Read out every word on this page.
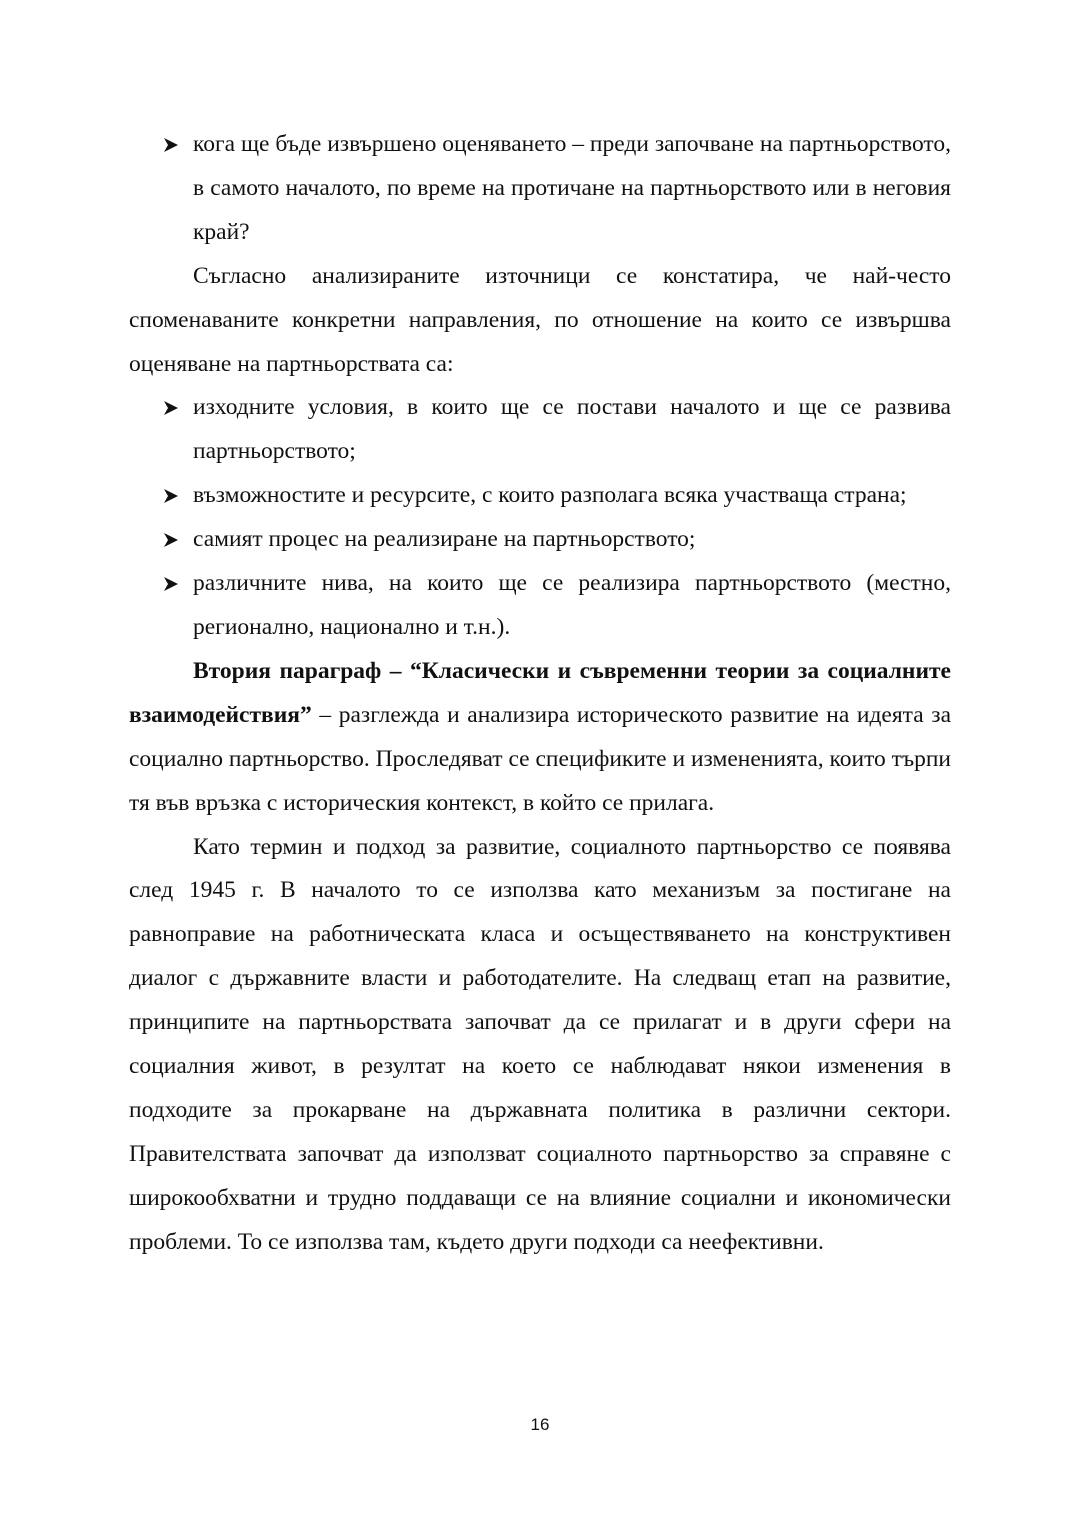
кога ще бъде извършено оценяването – преди започване на партньорството, в самото началото, по време на протичане на партньорството или в неговия край?

Съгласно анализираните източници се констатира, че най-често споменаваните конкретни направления, по отношение на които се извършва оценяване на партньорствата са:

изходните условия, в които ще се постави началото и ще се развива партньорството;
възможностите и ресурсите, с които разполага всяка участваща страна;
самият процес на реализиране на партньорството;
различните нива, на които ще се реализира партньорството (местно, регионално, национално и т.н.).

Втория параграф – “Класически и съвременни теории за социалните взаимодействия” – разглежда и анализира историческото развитие на идеята за социално партньорство. Проследяват се спецификите и измененията, които търпи тя във връзка с историческия контекст, в който се прилага.

Като термин и подход за развитие, социалното партньорство се появява след 1945 г. В началото то се използва като механизъм за постигане на равноправие на работническата класа и осъществяването на конструктивен диалог с държавните власти и работодателите. На следващ етап на развитие, принципите на партньорствата започват да се прилагат и в други сфери на социалния живот, в резултат на което се наблюдават някои изменения в подходите за прокарване на държавната политика в различни сектори. Правителствата започват да използват социалното партньорство за справяне с широкообхватни и трудно поддаващи се на влияние социални и икономически проблеми. То се използва там, където други подходи са неефективни.

16
